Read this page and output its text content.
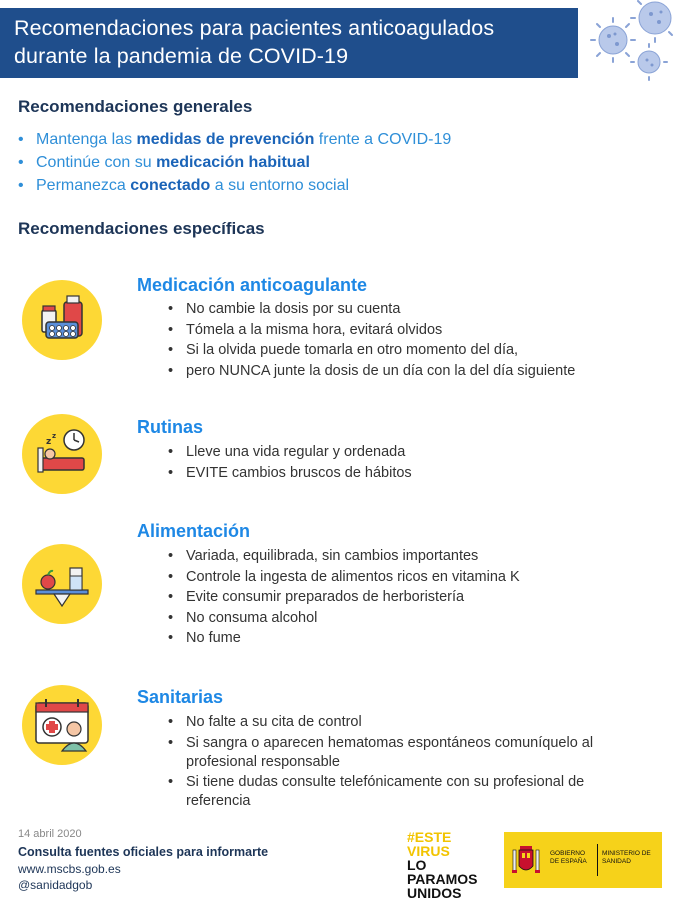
Recomendaciones para pacientes anticoagulados
durante la pandemia de COVID-19
Recomendaciones generales
• Mantenga las medidas de prevención frente a COVID-19
• Continúe con su medicación habitual
• Permanezca conectado a su entorno social
Recomendaciones específicas
Medicación anticoagulante
• No cambie la dosis por su cuenta
• Tómela a la misma hora, evitará olvidos
• Si la olvida puede tomarla en otro momento del día,
• pero NUNCA junte la dosis de un día con la del día siguiente
z
z	Rutinas
• Lleve una vida regular y ordenada
• EVITE cambios bruscos de hábitos
Alimentación
• Variada, equilibrada, sin cambios importantes
• Controle la ingesta de alimentos ricos en vitamina K
• Evite consumir preparados de herboristería
• No consuma alcohol
• No fume
Sanitarias
• No falte a su cita de control
• Si sangra o aparecen hematomas espontáneos comuníquelo al profesional responsable
• Si tiene dudas consulte telefónicamente con su profesional de referencia
14 abril 2020
Consulta fuentes oficiales para informarte
www.mscbs.gob.es
@sanidadgob
#ESTE
VIRUS
LO
PARAMOS
UNIDOS
GOBIERNO DE ESPAÑA
MINISTERIO DE SANIDAD
